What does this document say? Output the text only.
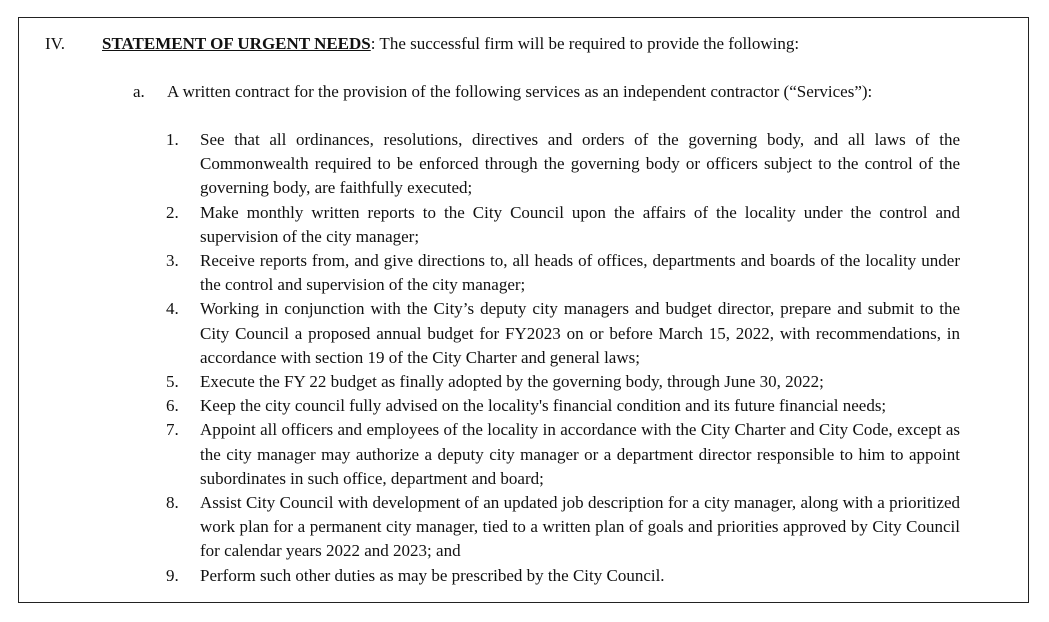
IV. STATEMENT OF URGENT NEEDS: The successful firm will be required to provide the following:
a. A written contract for the provision of the following services as an independent contractor (“Services”):
1. See that all ordinances, resolutions, directives and orders of the governing body, and all laws of the Commonwealth required to be enforced through the governing body or officers subject to the control of the governing body, are faithfully executed;
2. Make monthly written reports to the City Council upon the affairs of the locality under the control and supervision of the city manager;
3. Receive reports from, and give directions to, all heads of offices, departments and boards of the locality under the control and supervision of the city manager;
4. Working in conjunction with the City’s deputy city managers and budget director, prepare and submit to the City Council a proposed annual budget for FY2023 on or before March 15, 2022, with recommendations, in accordance with section 19 of the City Charter and general laws;
5. Execute the FY 22 budget as finally adopted by the governing body, through June 30, 2022;
6. Keep the city council fully advised on the locality's financial condition and its future financial needs;
7. Appoint all officers and employees of the locality in accordance with the City Charter and City Code, except as the city manager may authorize a deputy city manager or a department director responsible to him to appoint subordinates in such office, department and board;
8. Assist City Council with development of an updated job description for a city manager, along with a prioritized work plan for a permanent city manager, tied to a written plan of goals and priorities approved by City Council for calendar years 2022 and 2023; and
9. Perform such other duties as may be prescribed by the City Council.
